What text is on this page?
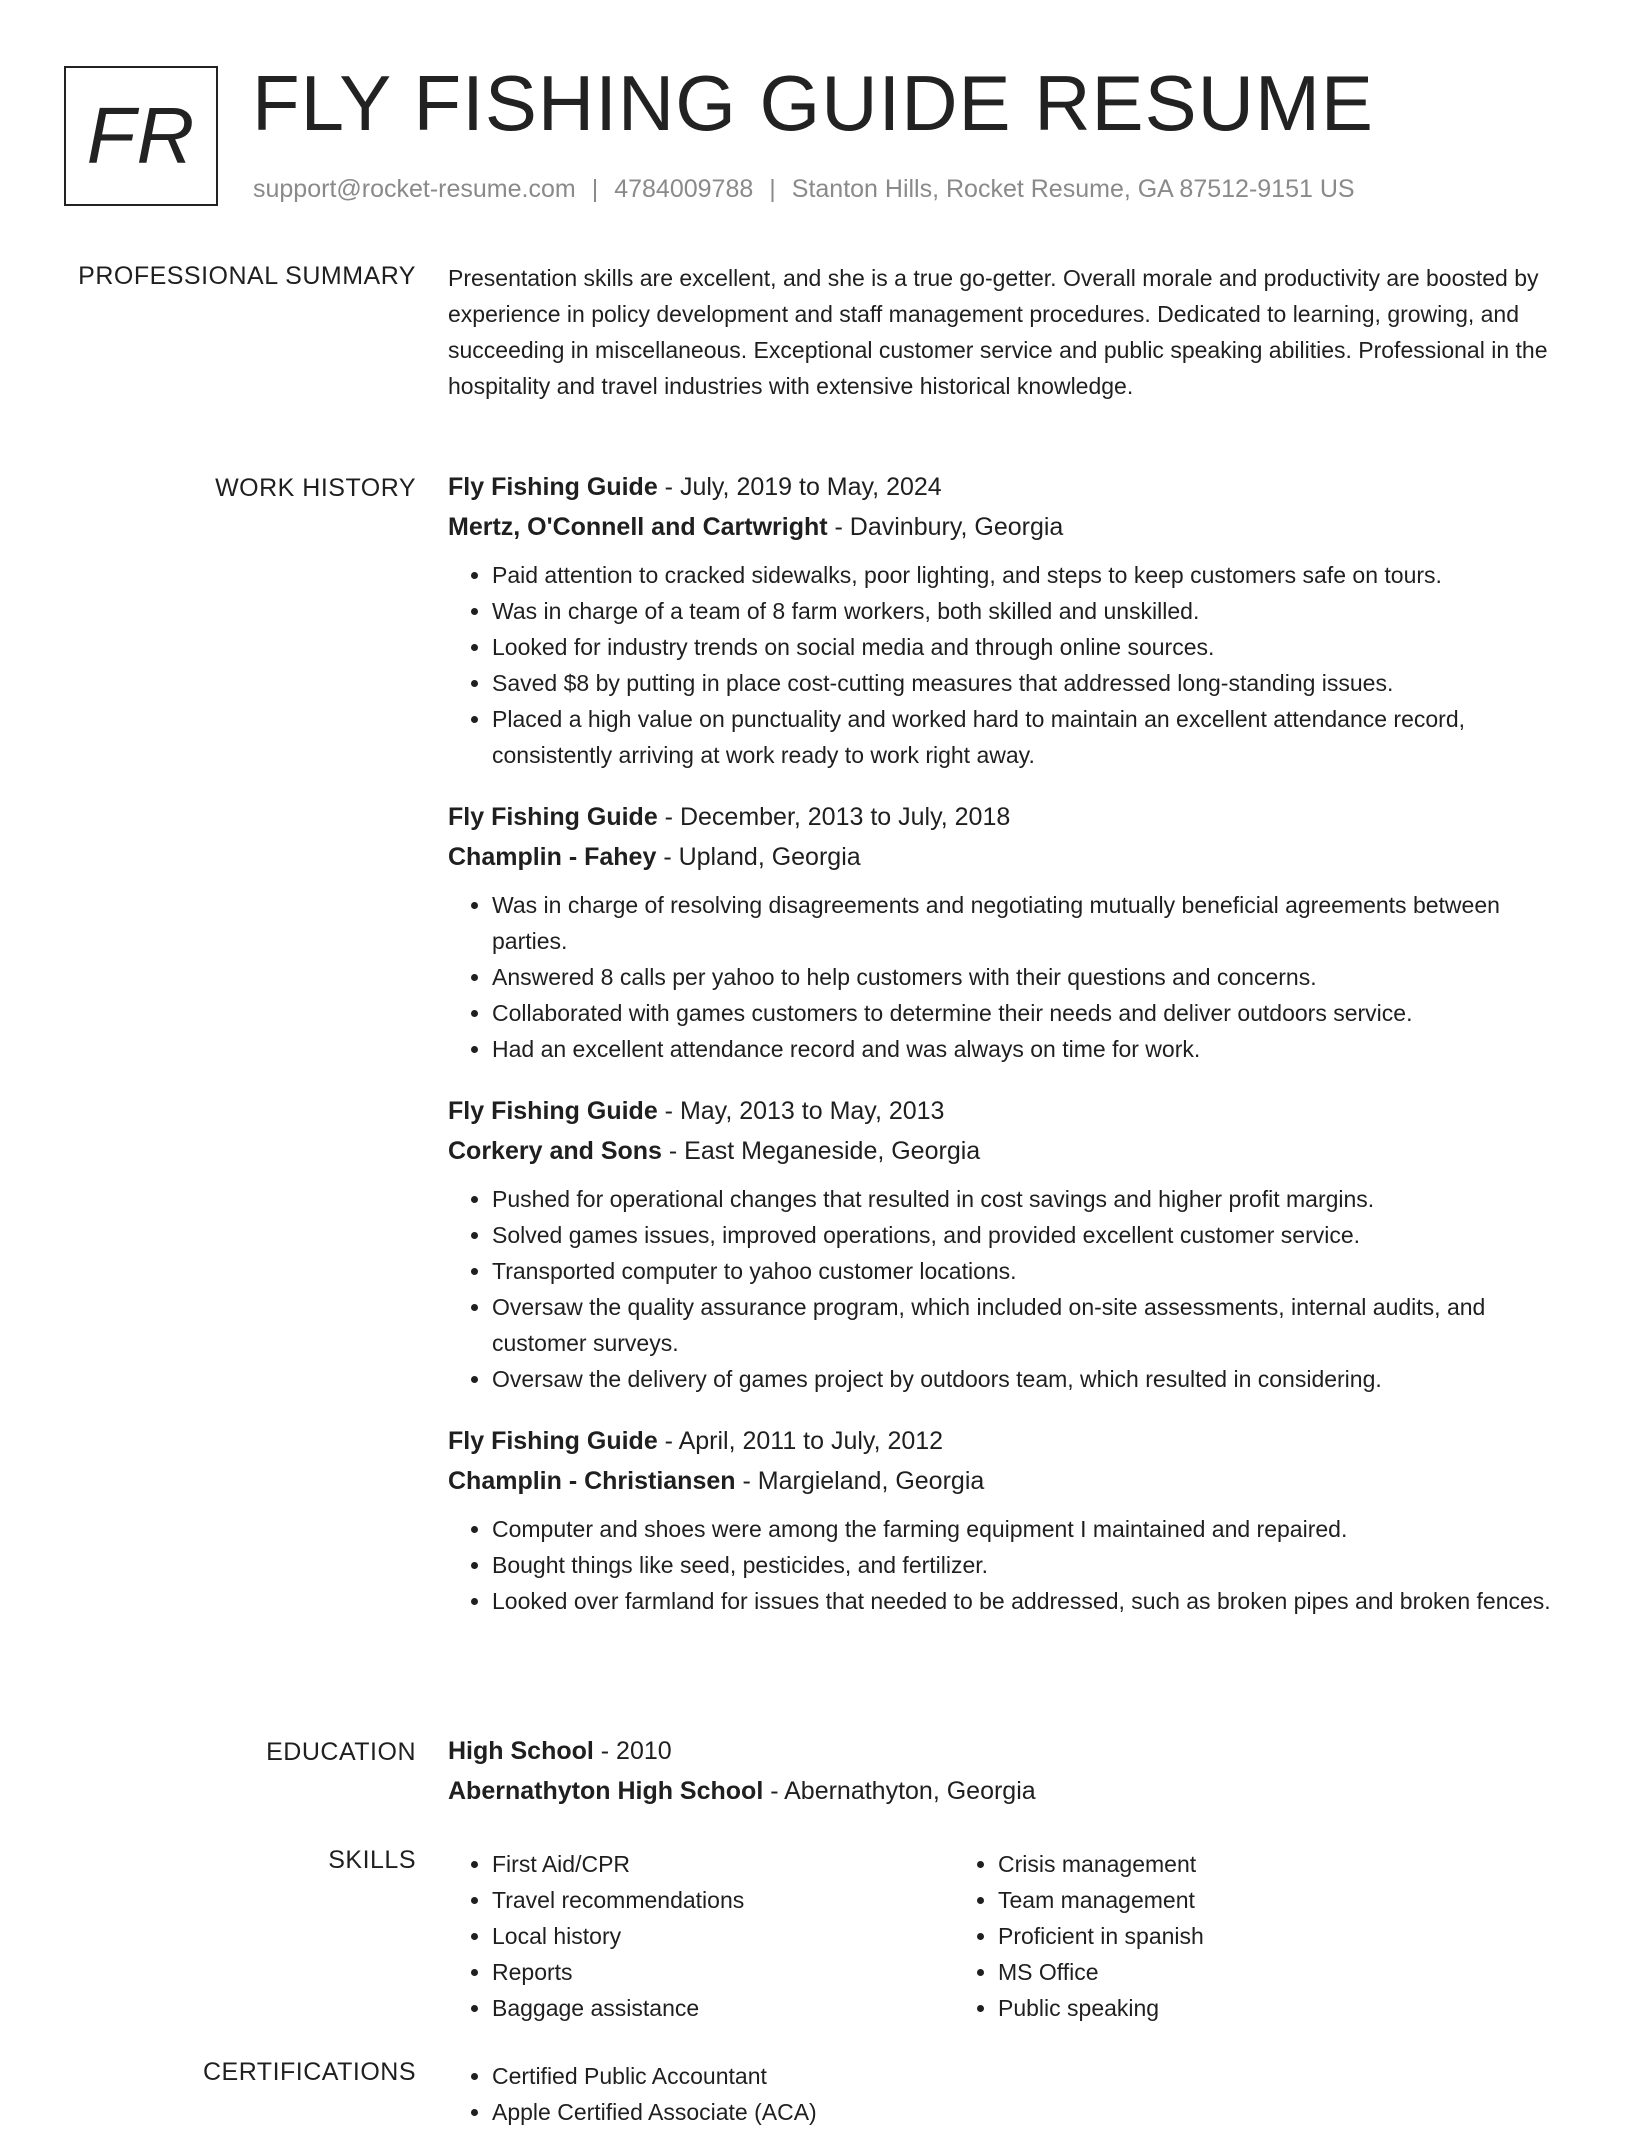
FR FLY FISHING GUIDE RESUME
support@rocket-resume.com | 4784009788 | Stanton Hills, Rocket Resume, GA 87512-9151 US
PROFESSIONAL SUMMARY Presentation skills are excellent, and she is a true go-getter. Overall morale and productivity are boosted by experience in policy development and staff management procedures. Dedicated to learning, growing, and succeeding in miscellaneous. Exceptional customer service and public speaking abilities. Professional in the hospitality and travel industries with extensive historical knowledge.

WORK HISTORY Fly Fishing Guide - July, 2019 to May, 2024
Mertz, O'Connell and Cartwright - Davinbury, Georgia
• Paid attention to cracked sidewalks, poor lighting, and steps to keep customers safe on tours.
• Was in charge of a team of 8 farm workers, both skilled and unskilled.
• Looked for industry trends on social media and through online sources.
• Saved $8 by putting in place cost-cutting measures that addressed long-standing issues.
• Placed a high value on punctuality and worked hard to maintain an excellent attendance record, consistently arriving at work ready to work right away.
Fly Fishing Guide - December, 2013 to July, 2018
Champlin - Fahey - Upland, Georgia
• Was in charge of resolving disagreements and negotiating mutually beneficial agreements between parties.
• Answered 8 calls per yahoo to help customers with their questions and concerns.
• Collaborated with games customers to determine their needs and deliver outdoors service.
• Had an excellent attendance record and was always on time for work.
Fly Fishing Guide - May, 2013 to May, 2013
Corkery and Sons - East Meganeside, Georgia
• Pushed for operational changes that resulted in cost savings and higher profit margins.
• Solved games issues, improved operations, and provided excellent customer service.
• Transported computer to yahoo customer locations.
• Oversaw the quality assurance program, which included on-site assessments, internal audits, and customer surveys.
• Oversaw the delivery of games project by outdoors team, which resulted in considering.
Fly Fishing Guide - April, 2011 to July, 2012
Champlin - Christiansen - Margieland, Georgia
• Computer and shoes were among the farming equipment I maintained and repaired.
• Bought things like seed, pesticides, and fertilizer.
• Looked over farmland for issues that needed to be addressed, such as broken pipes and broken fences.
EDUCATION High School - 2010
Abernathyton High School - Abernathyton, Georgia
SKILLS	• First Aid/CPR
• Travel recommendations
• Local history
• Reports
• Baggage assistance
• Crisis management
• Team management
• Proficient in spanish
• MS Office
• Public speaking
CERTIFICATIONS	• Certified Public Accountant
• Apple Certified Associate (ACA)
